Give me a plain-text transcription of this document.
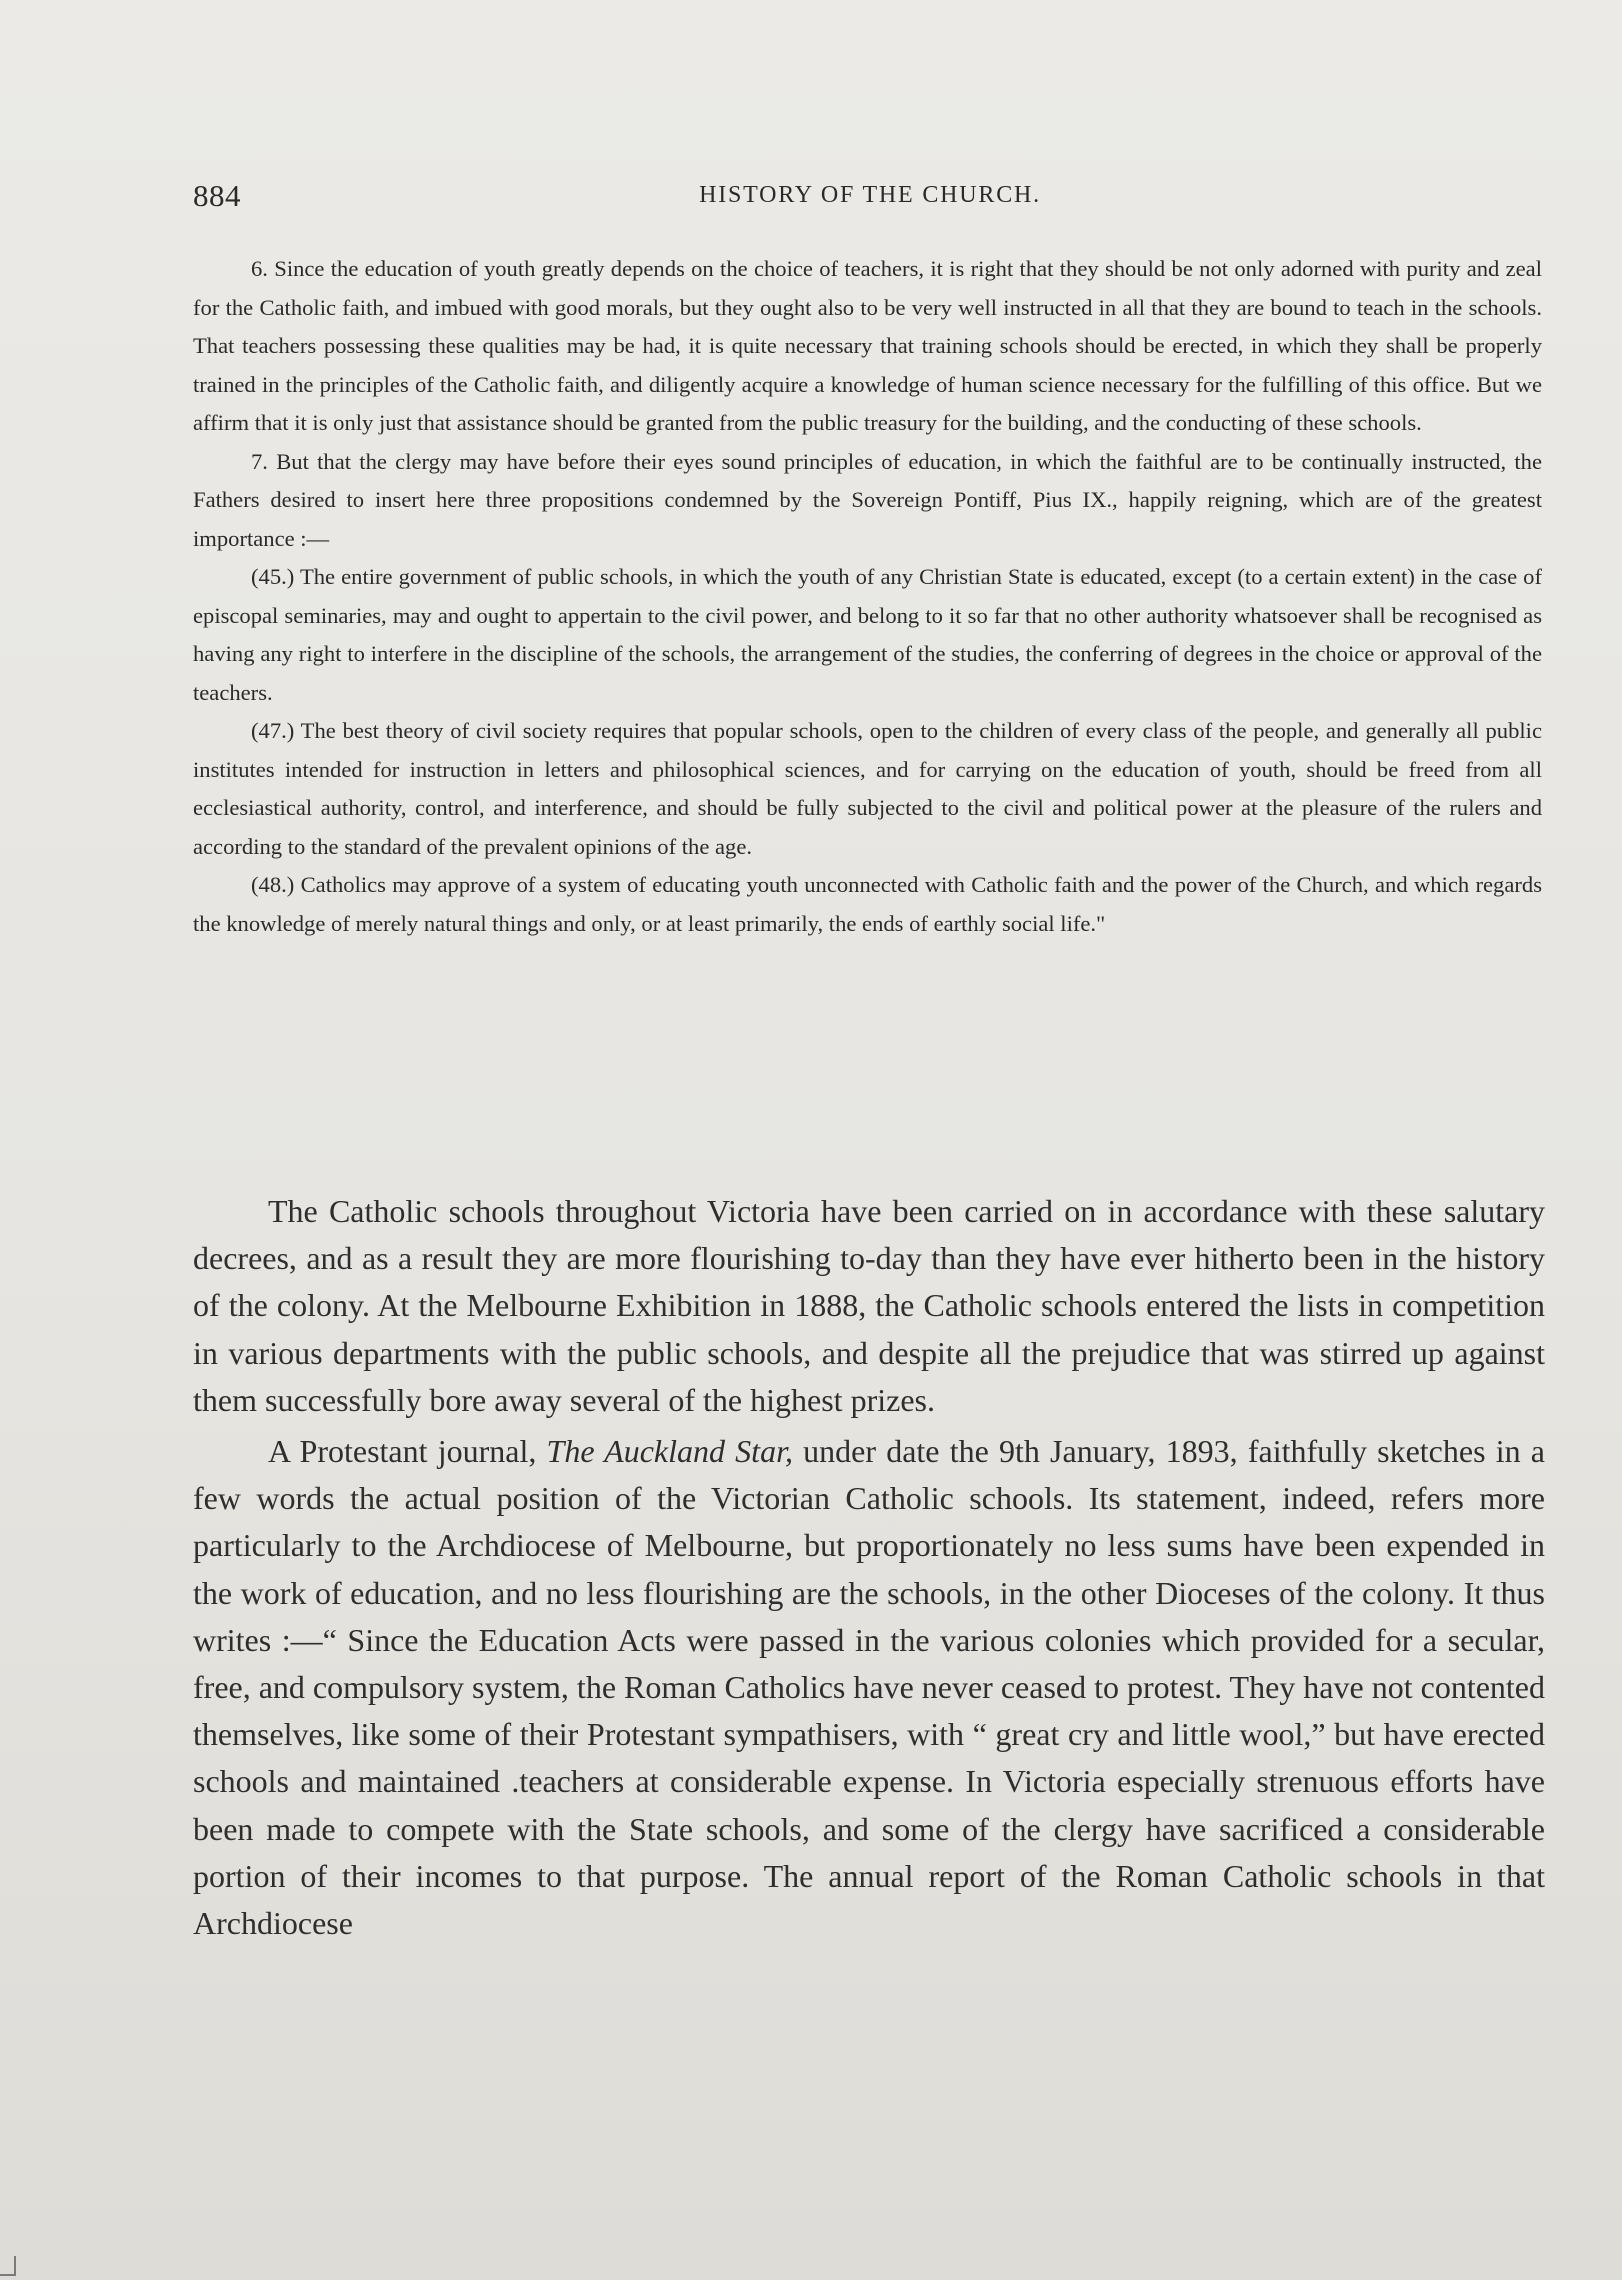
884	HISTORY OF THE CHURCH.

6. Since the education of youth greatly depends on the choice of teachers, it is right that they should be not only adorned with purity and zeal for the Catholic faith, and imbued with good morals, but they ought also to be very well instructed in all that they are bound to teach in the schools. That teachers possessing these qualities may be had, it is quite necessary that training schools should be erected, in which they shall be properly trained in the principles of the Catholic faith, and diligently acquire a knowledge of human science necessary for the fulfilling of this office. But we affirm that it is only just that assistance should be granted from the public treasury for the building, and the conducting of these schools.

7. But that the clergy may have before their eyes sound principles of education, in which the faithful are to be continually instructed, the Fathers desired to insert here three propositions condemned by the Sovereign Pontiff, Pius IX., happily reigning, which are of the greatest importance :—

(45.) The entire government of public schools, in which the youth of any Christian State is educated, except (to a certain extent) in the case of episcopal seminaries, may and ought to appertain to the civil power, and belong to it so far that no other authority whatsoever shall be recognised as having any right to interfere in the discipline of the schools, the arrangement of the studies, the conferring of degrees in the choice or approval of the teachers.

(47.) The best theory of civil society requires that popular schools, open to the children of every class of the people, and generally all public institutes intended for instruction in letters and philosophical sciences, and for carrying on the education of youth, should be freed from all ecclesiastical authority, control, and interference, and should be fully subjected to the civil and political power at the pleasure of the rulers and according to the standard of the prevalent opinions of the age.

(48.) Catholics may approve of a system of educating youth unconnected with Catholic faith and the power of the Church, and which regards the knowledge of merely natural things and only, or at least primarily, the ends of earthly social life."

The Catholic schools throughout Victoria have been carried on in accordance with these salutary decrees, and as a result they are more flourishing to-day than they have ever hitherto been in the history of the colony. At the Melbourne Exhibition in 1888, the Catholic schools entered the lists in competition in various departments with the public schools, and despite all the prejudice that was stirred up against them successfully bore away several of the highest prizes.

A Protestant journal, The Auckland Star, under date the 9th January, 1893, faithfully sketches in a few words the actual position of the Victorian Catholic schools. Its statement, indeed, refers more particularly to the Archdiocese of Melbourne, but proportionately no less sums have been expended in the work of education, and no less flourishing are the schools, in the other Dioceses of the colony. It thus writes :—“ Since the Education Acts were passed in the various colonies which provided for a secular, free, and compulsory system, the Roman Catholics have never ceased to protest. They have not contented themselves, like some of their Protestant sympathisers, with “ great cry and little wool,” but have erected schools and maintained .teachers at considerable expense. In Victoria especially strenuous efforts have been made to compete with the State schools, and some of the clergy have sacrificed a considerable portion of their incomes to that purpose. The annual report of the Roman Catholic schools in that Archdiocese
